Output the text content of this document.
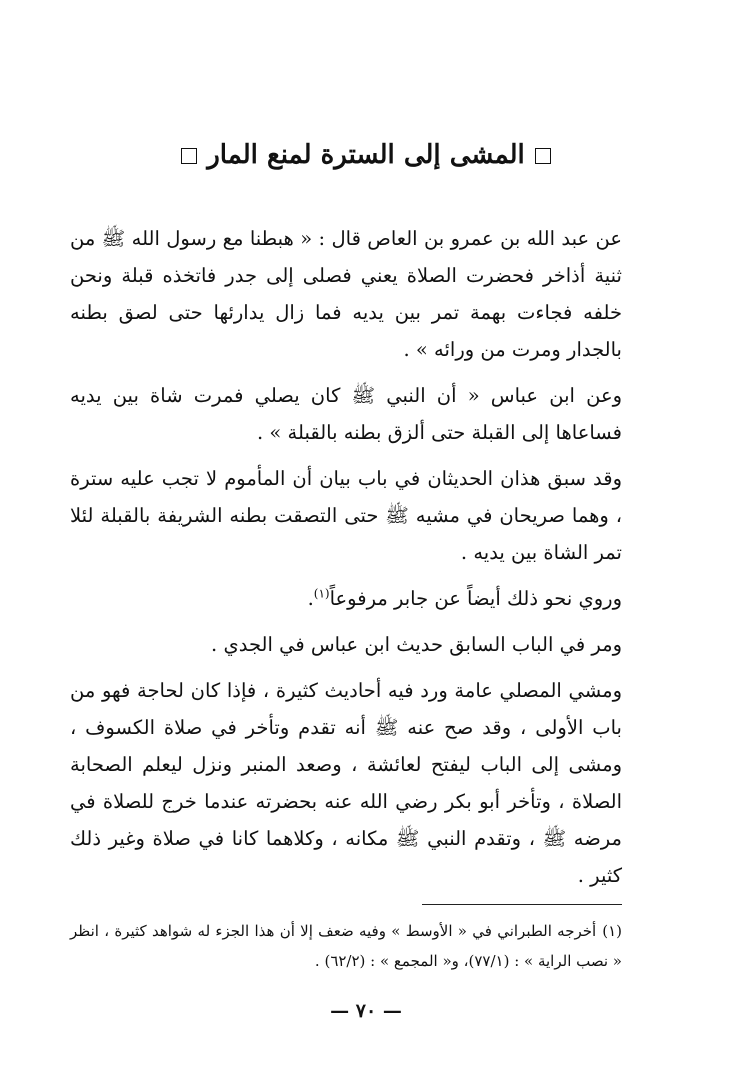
المشى إلى السترة لمنع المار

عن عبد الله بن عمرو بن العاص قال : « هبطنا مع رسول الله ﷺ من ثنية أذاخر فحضرت الصلاة يعني فصلى إلى جدر فاتخذه قبلة ونحن خلفه فجاءت بهمة تمر بين يديه فما زال يدارئها حتى لصق بطنه بالجدار ومرت من ورائه » .

وعن ابن عباس « أن النبي ﷺ كان يصلي فمرت شاة بين يديه فساعاها إلى القبلة حتى ألزق بطنه بالقبلة » .

وقد سبق هذان الحديثان في باب بيان أن المأموم لا تجب عليه سترة ، وهما صريحان في مشيه ﷺ حتى التصقت بطنه الشريفة بالقبلة لئلا تمر الشاة بين يديه .

وروي نحو ذلك أيضاً عن جابر مرفوعاً$^{(١)}$.

ومر في الباب السابق حديث ابن عباس في الجدي .

ومشي المصلي عامة ورد فيه أحاديث كثيرة ، فإذا كان لحاجة فهو من باب الأولى ، وقد صح عنه ﷺ أنه تقدم وتأخر في صلاة الكسوف ، ومشى إلى الباب ليفتح لعائشة ، وصعد المنبر ونزل ليعلم الصحابة الصلاة ، وتأخر أبو بكر رضي الله عنه بحضرته عندما خرج للصلاة في مرضه ﷺ ، وتقدم النبي ﷺ مكانه ، وكلاهما كانا في صلاة وغير ذلك كثير .

(١)أخرجه الطبراني في « الأوسط » وفيه ضعف إلا أن هذا الجزء له شواهد كثيرة ، انظر « نصب الراية » : (٧٧/١)، و« المجمع » : (٦٢/٢) .
— ٧٠ —
